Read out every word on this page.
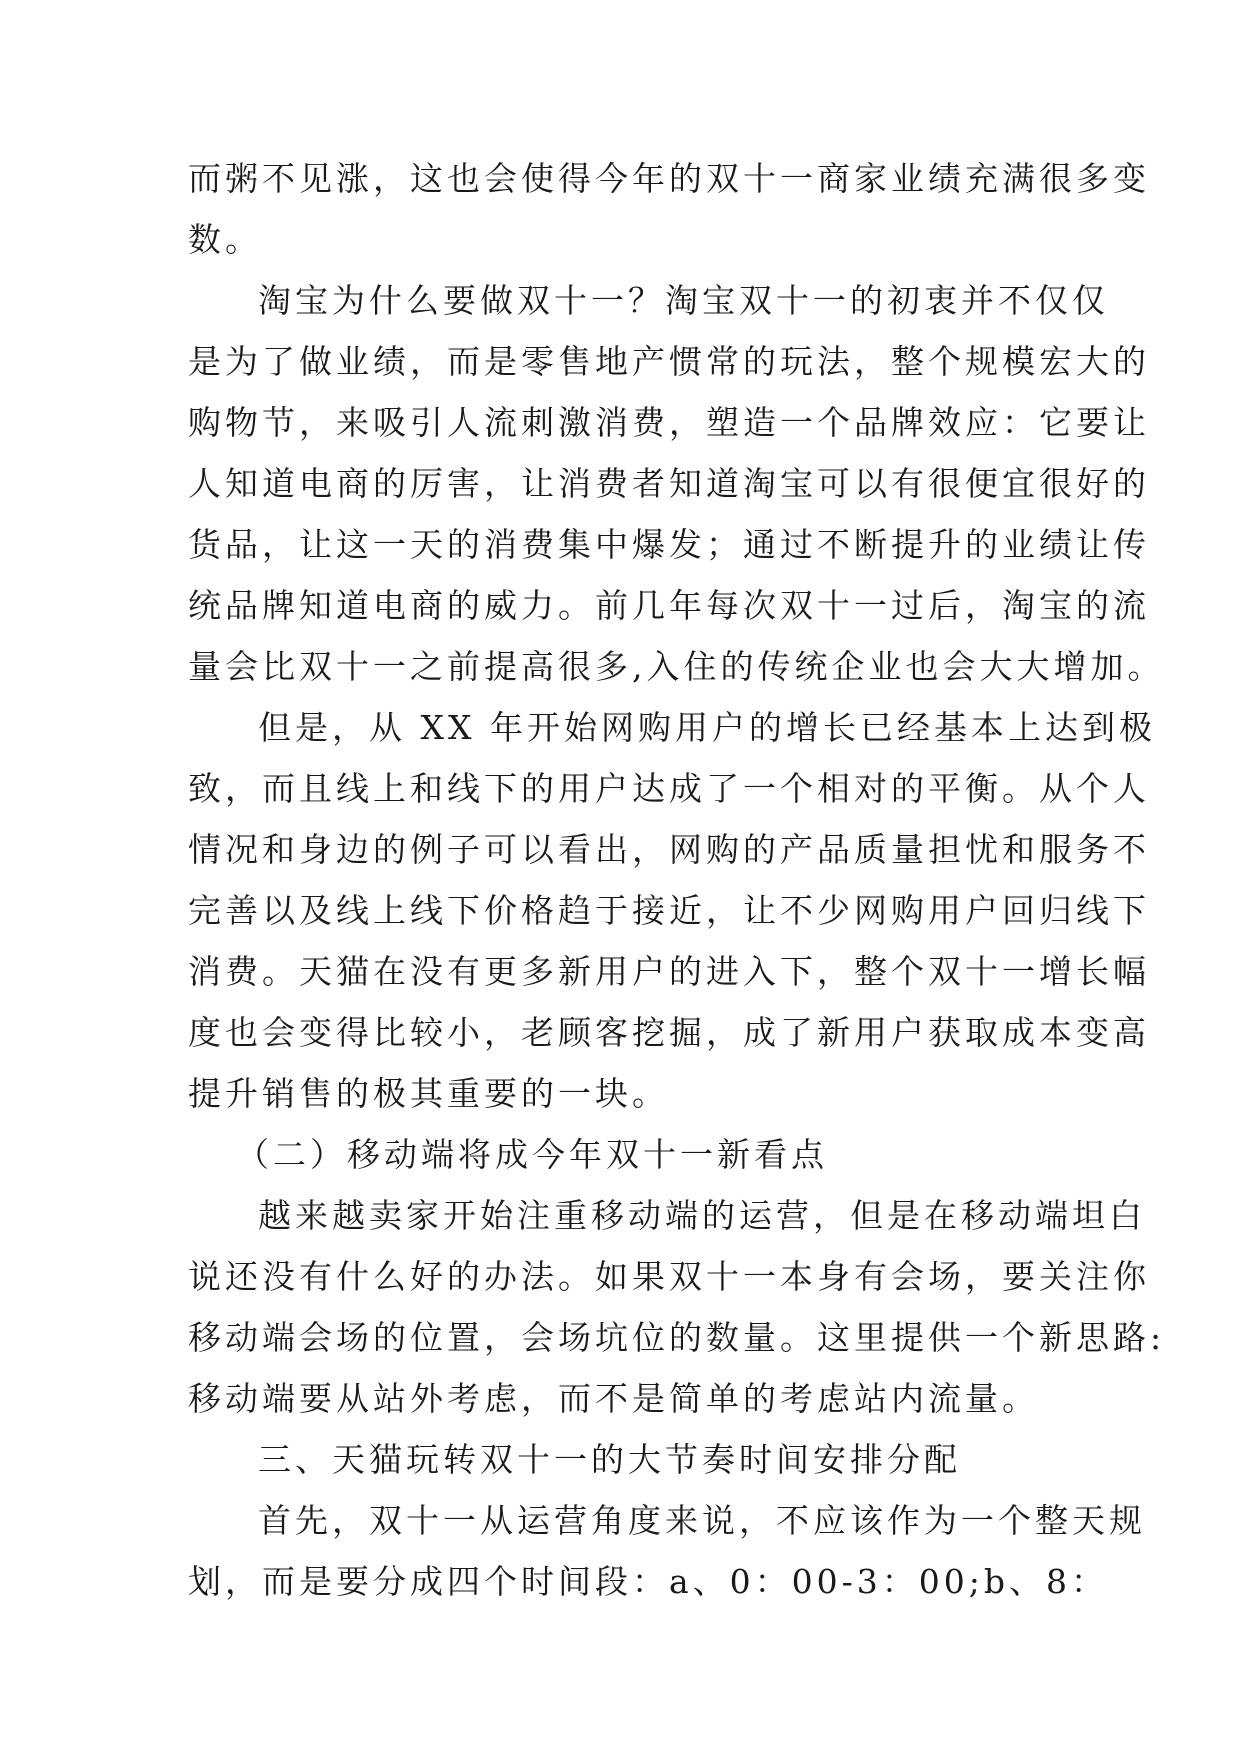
而粥不见涨，这也会使得今年的双十一商家业绩充满很多变
数。
淘宝为什么要做双十一？淘宝双十一的初衷并不仅仅
是为了做业绩，而是零售地产惯常的玩法，整个规模宏大的
购物节，来吸引人流刺激消费，塑造一个品牌效应：它要让
人知道电商的厉害，让消费者知道淘宝可以有很便宜很好的
货品，让这一天的消费集中爆发；通过不断提升的业绩让传
统品牌知道电商的威力。前几年每次双十一过后，淘宝的流
量会比双十一之前提高很多,入住的传统企业也会大大增加。
但是，从 XX 年开始网购用户的增长已经基本上达到极
致，而且线上和线下的用户达成了一个相对的平衡。从个人
情况和身边的例子可以看出，网购的产品质量担忧和服务不
完善以及线上线下价格趋于接近，让不少网购用户回归线下
消费。天猫在没有更多新用户的进入下，整个双十一增长幅
度也会变得比较小，老顾客挖掘，成了新用户获取成本变高
提升销售的极其重要的一块。
（二）移动端将成今年双十一新看点
越来越卖家开始注重移动端的运营，但是在移动端坦白
说还没有什么好的办法。如果双十一本身有会场，要关注你
移动端会场的位置，会场坑位的数量。这里提供一个新思路:
移动端要从站外考虑，而不是简单的考虑站内流量。
三、天猫玩转双十一的大节奏时间安排分配
首先，双十一从运营角度来说，不应该作为一个整天规
划，而是要分成四个时间段：a、0：00-3：00;b、8：
